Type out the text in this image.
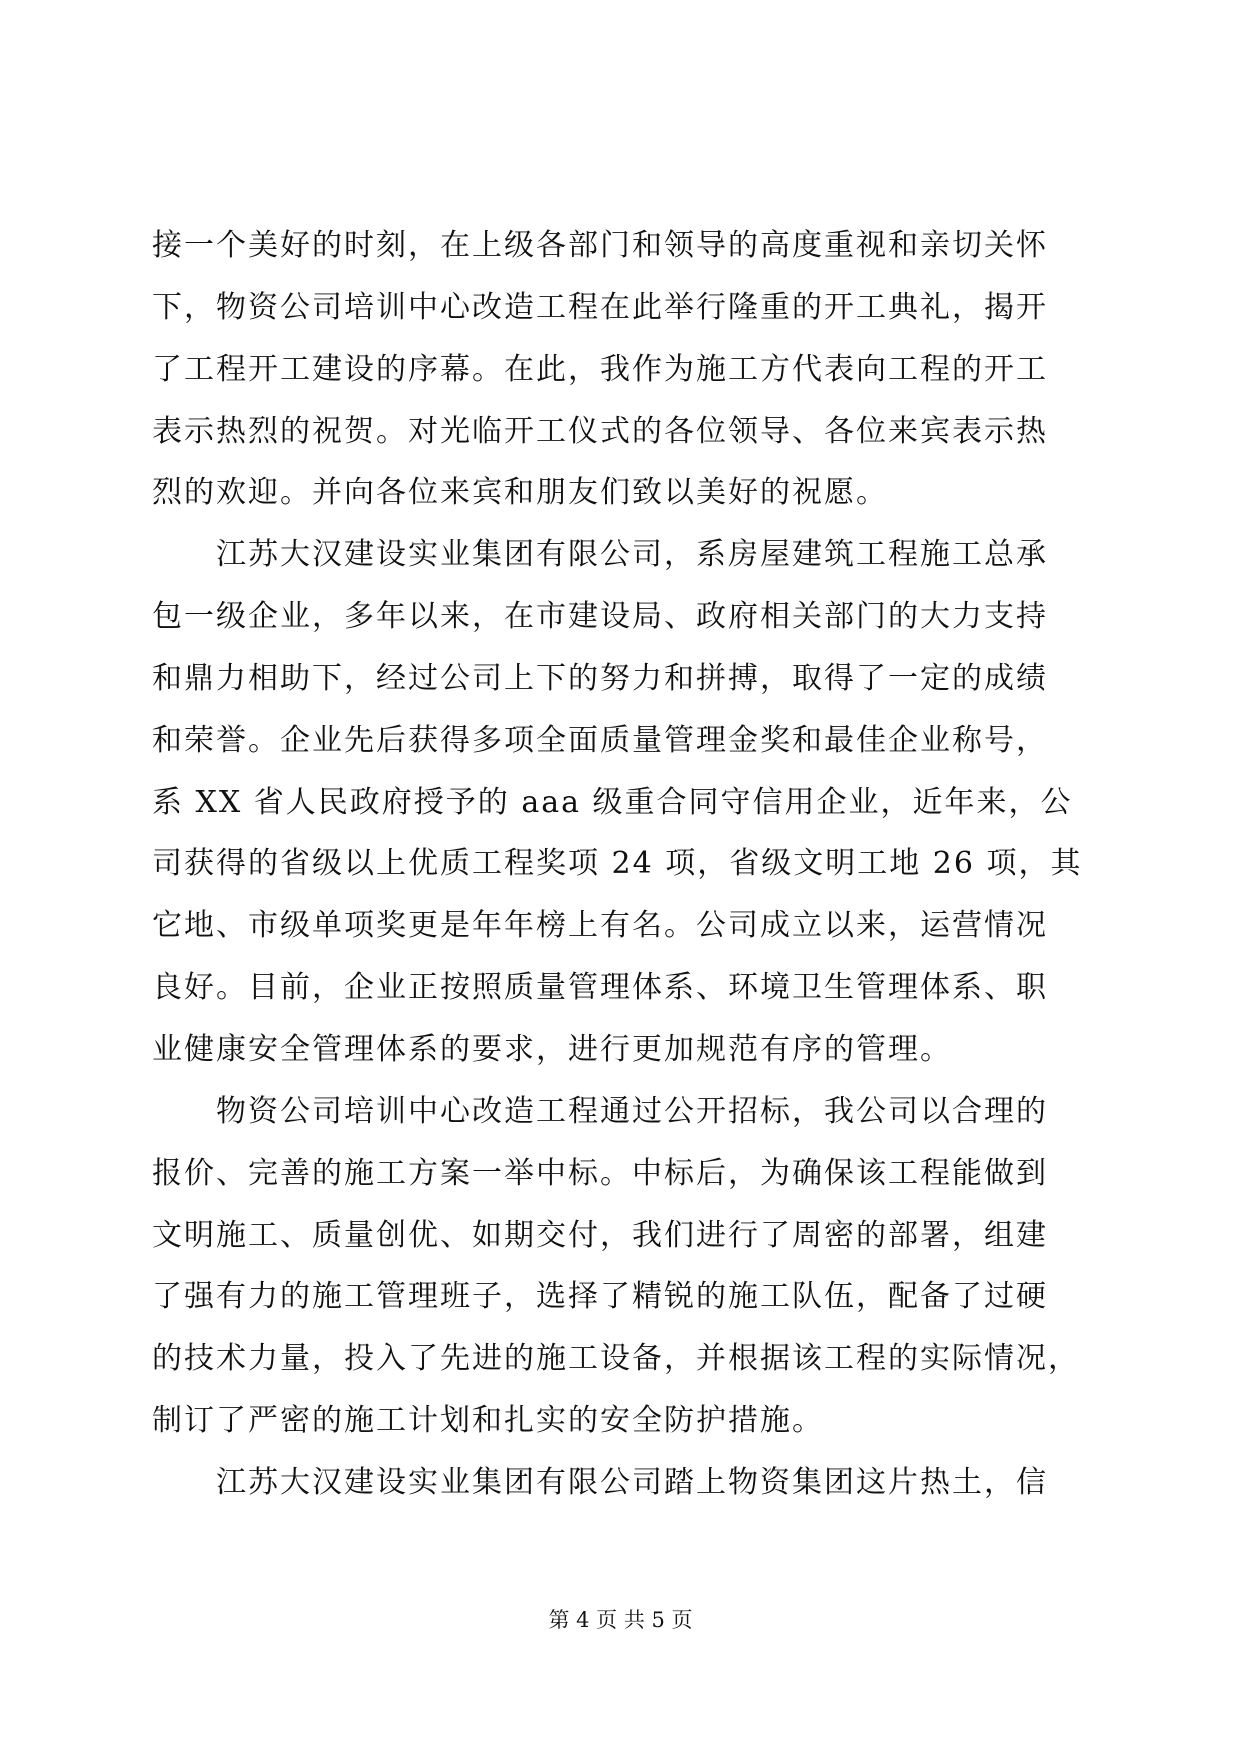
接一个美好的时刻，在上级各部门和领导的高度重视和亲切关怀
下，物资公司培训中心改造工程在此举行隆重的开工典礼，揭开
了工程开工建设的序幕。在此，我作为施工方代表向工程的开工
表示热烈的祝贺。对光临开工仪式的各位领导、各位来宾表示热
烈的欢迎。并向各位来宾和朋友们致以美好的祝愿。
　　江苏大汉建设实业集团有限公司，系房屋建筑工程施工总承
包一级企业，多年以来，在市建设局、政府相关部门的大力支持
和鼎力相助下，经过公司上下的努力和拼搏，取得了一定的成绩
和荣誉。企业先后获得多项全面质量管理金奖和最佳企业称号，
系 XX 省人民政府授予的 aaa 级重合同守信用企业，近年来，公
司获得的省级以上优质工程奖项 24 项，省级文明工地 26 项，其
它地、市级单项奖更是年年榜上有名。公司成立以来，运营情况
良好。目前，企业正按照质量管理体系、环境卫生管理体系、职
业健康安全管理体系的要求，进行更加规范有序的管理。
　　物资公司培训中心改造工程通过公开招标，我公司以合理的
报价、完善的施工方案一举中标。中标后，为确保该工程能做到
文明施工、质量创优、如期交付，我们进行了周密的部署，组建
了强有力的施工管理班子，选择了精锐的施工队伍，配备了过硬
的技术力量，投入了先进的施工设备，并根据该工程的实际情况，
制订了严密的施工计划和扎实的安全防护措施。
　　江苏大汉建设实业集团有限公司踏上物资集团这片热土，信
第 4 页 共 5 页
